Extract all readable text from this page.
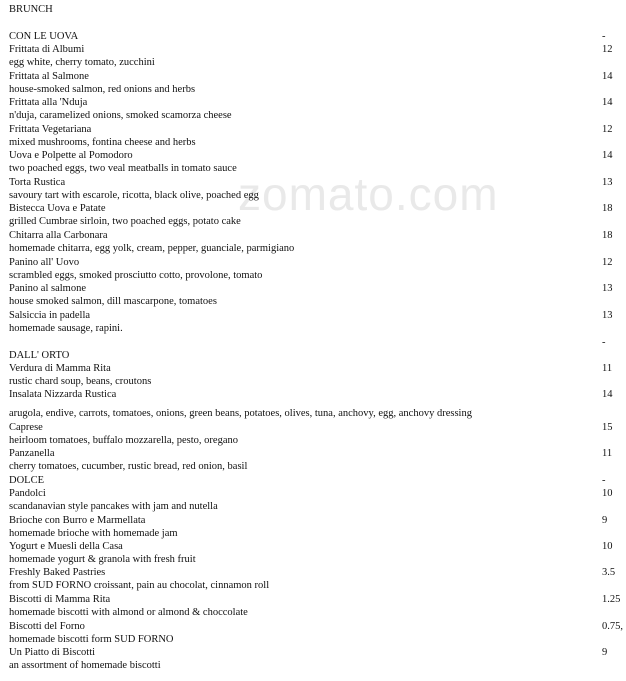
zomato.com
BRUNCH
CON LE UOVA	-
Frittata di Albumi	12
egg white, cherry tomato, zucchini
Frittata al Salmone	14
house-smoked salmon, red onions and herbs
Frittata alla 'Nduja	14
n'duja, caramelized onions, smoked scamorza cheese
Frittata Vegetariana	12
mixed mushrooms, fontina cheese and herbs
Uova e Polpette al Pomodoro	14
two poached eggs, two veal meatballs in tomato sauce
Torta Rustica	13
savoury tart with escarole, ricotta, black olive, poached egg
Bistecca Uova e Patate	18
grilled Cumbrae sirloin, two poached eggs, potato cake
Chitarra alla Carbonara	18
homemade chitarra, egg yolk, cream, pepper, guanciale, parmigiano
Panino all' Uovo	12
scrambled eggs, smoked prosciutto cotto, provolone, tomato
Panino al salmone	13
house smoked salmon, dill mascarpone, tomatoes
Salsiccia in padella	13
homemade sausage, rapini.
-
DALL' ORTO
Verdura di Mamma Rita	11
rustic chard soup, beans, croutons
Insalata Nizzarda Rustica	14
arugola, endive, carrots, tomatoes, onions, green beans, potatoes, olives, tuna, anchovy, egg, anchovy dressing
Caprese	15
heirloom tomatoes, buffalo mozzarella, pesto, oregano
Panzanella	11
cherry tomatoes, cucumber, rustic bread, red onion, basil
DOLCE	-
Pandolci	10
scandanavian style pancakes with jam and nutella
Brioche con Burro e Marmellata	9
homemade brioche with homemade jam
Yogurt e Muesli della Casa	10
homemade yogurt & granola with fresh fruit
Freshly Baked Pastries	3.5
from SUD FORNO croissant, pain au chocolat, cinnamon roll
Biscotti di Mamma Rita	1.25
homemade biscotti with almond or almond & choccolate
Biscotti del Forno	0.75,
homemade biscotti form SUD FORNO
Un Piatto di Biscotti	9
an assortment of homemade biscotti
